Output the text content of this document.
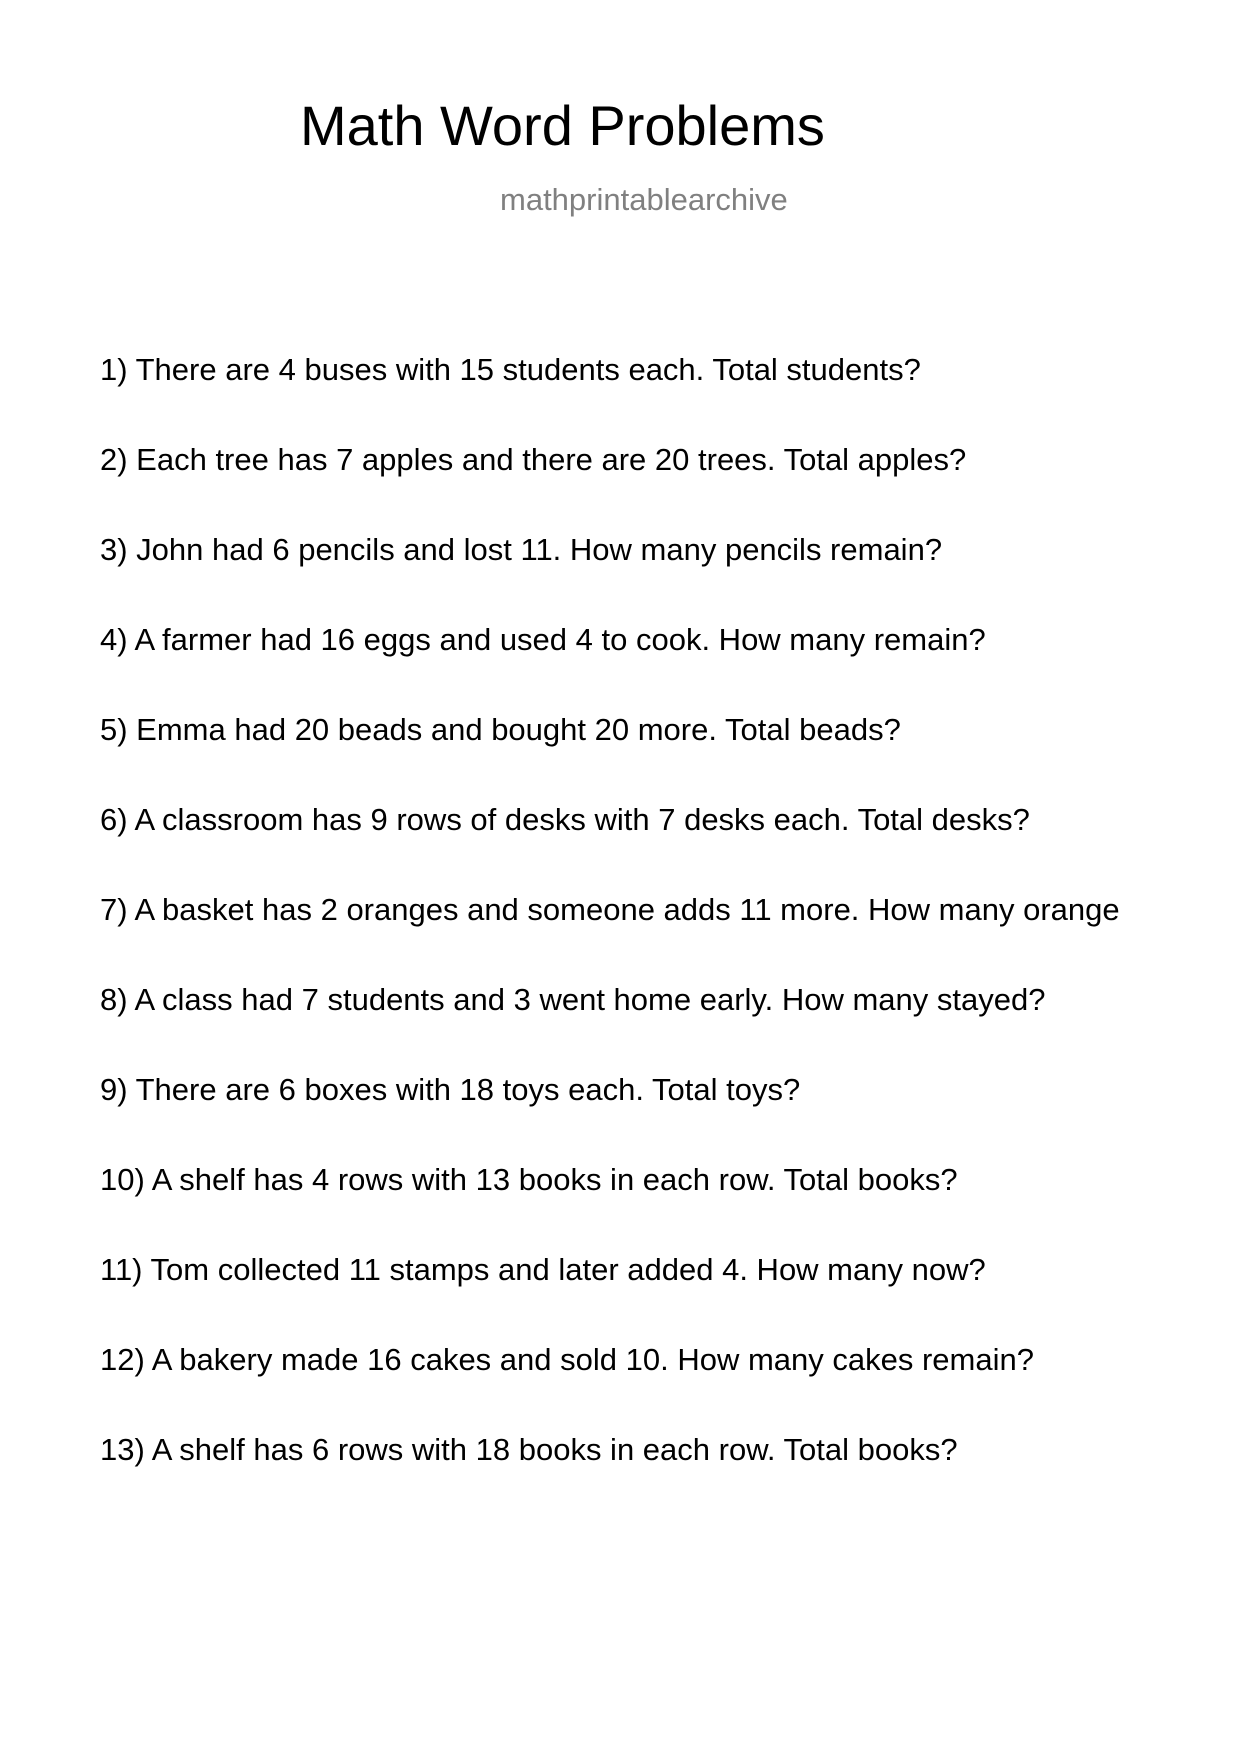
Math Word Problems
mathprintablearchive
1) There are 4 buses with 15 students each. Total students?
2) Each tree has 7 apples and there are 20 trees. Total apples?
3) John had 6 pencils and lost 11. How many pencils remain?
4) A farmer had 16 eggs and used 4 to cook. How many remain?
5) Emma had 20 beads and bought 20 more. Total beads?
6) A classroom has 9 rows of desks with 7 desks each. Total desks?
7) A basket has 2 oranges and someone adds 11 more. How many orange
8) A class had 7 students and 3 went home early. How many stayed?
9) There are 6 boxes with 18 toys each. Total toys?
10) A shelf has 4 rows with 13 books in each row. Total books?
11) Tom collected 11 stamps and later added 4. How many now?
12) A bakery made 16 cakes and sold 10. How many cakes remain?
13) A shelf has 6 rows with 18 books in each row. Total books?
